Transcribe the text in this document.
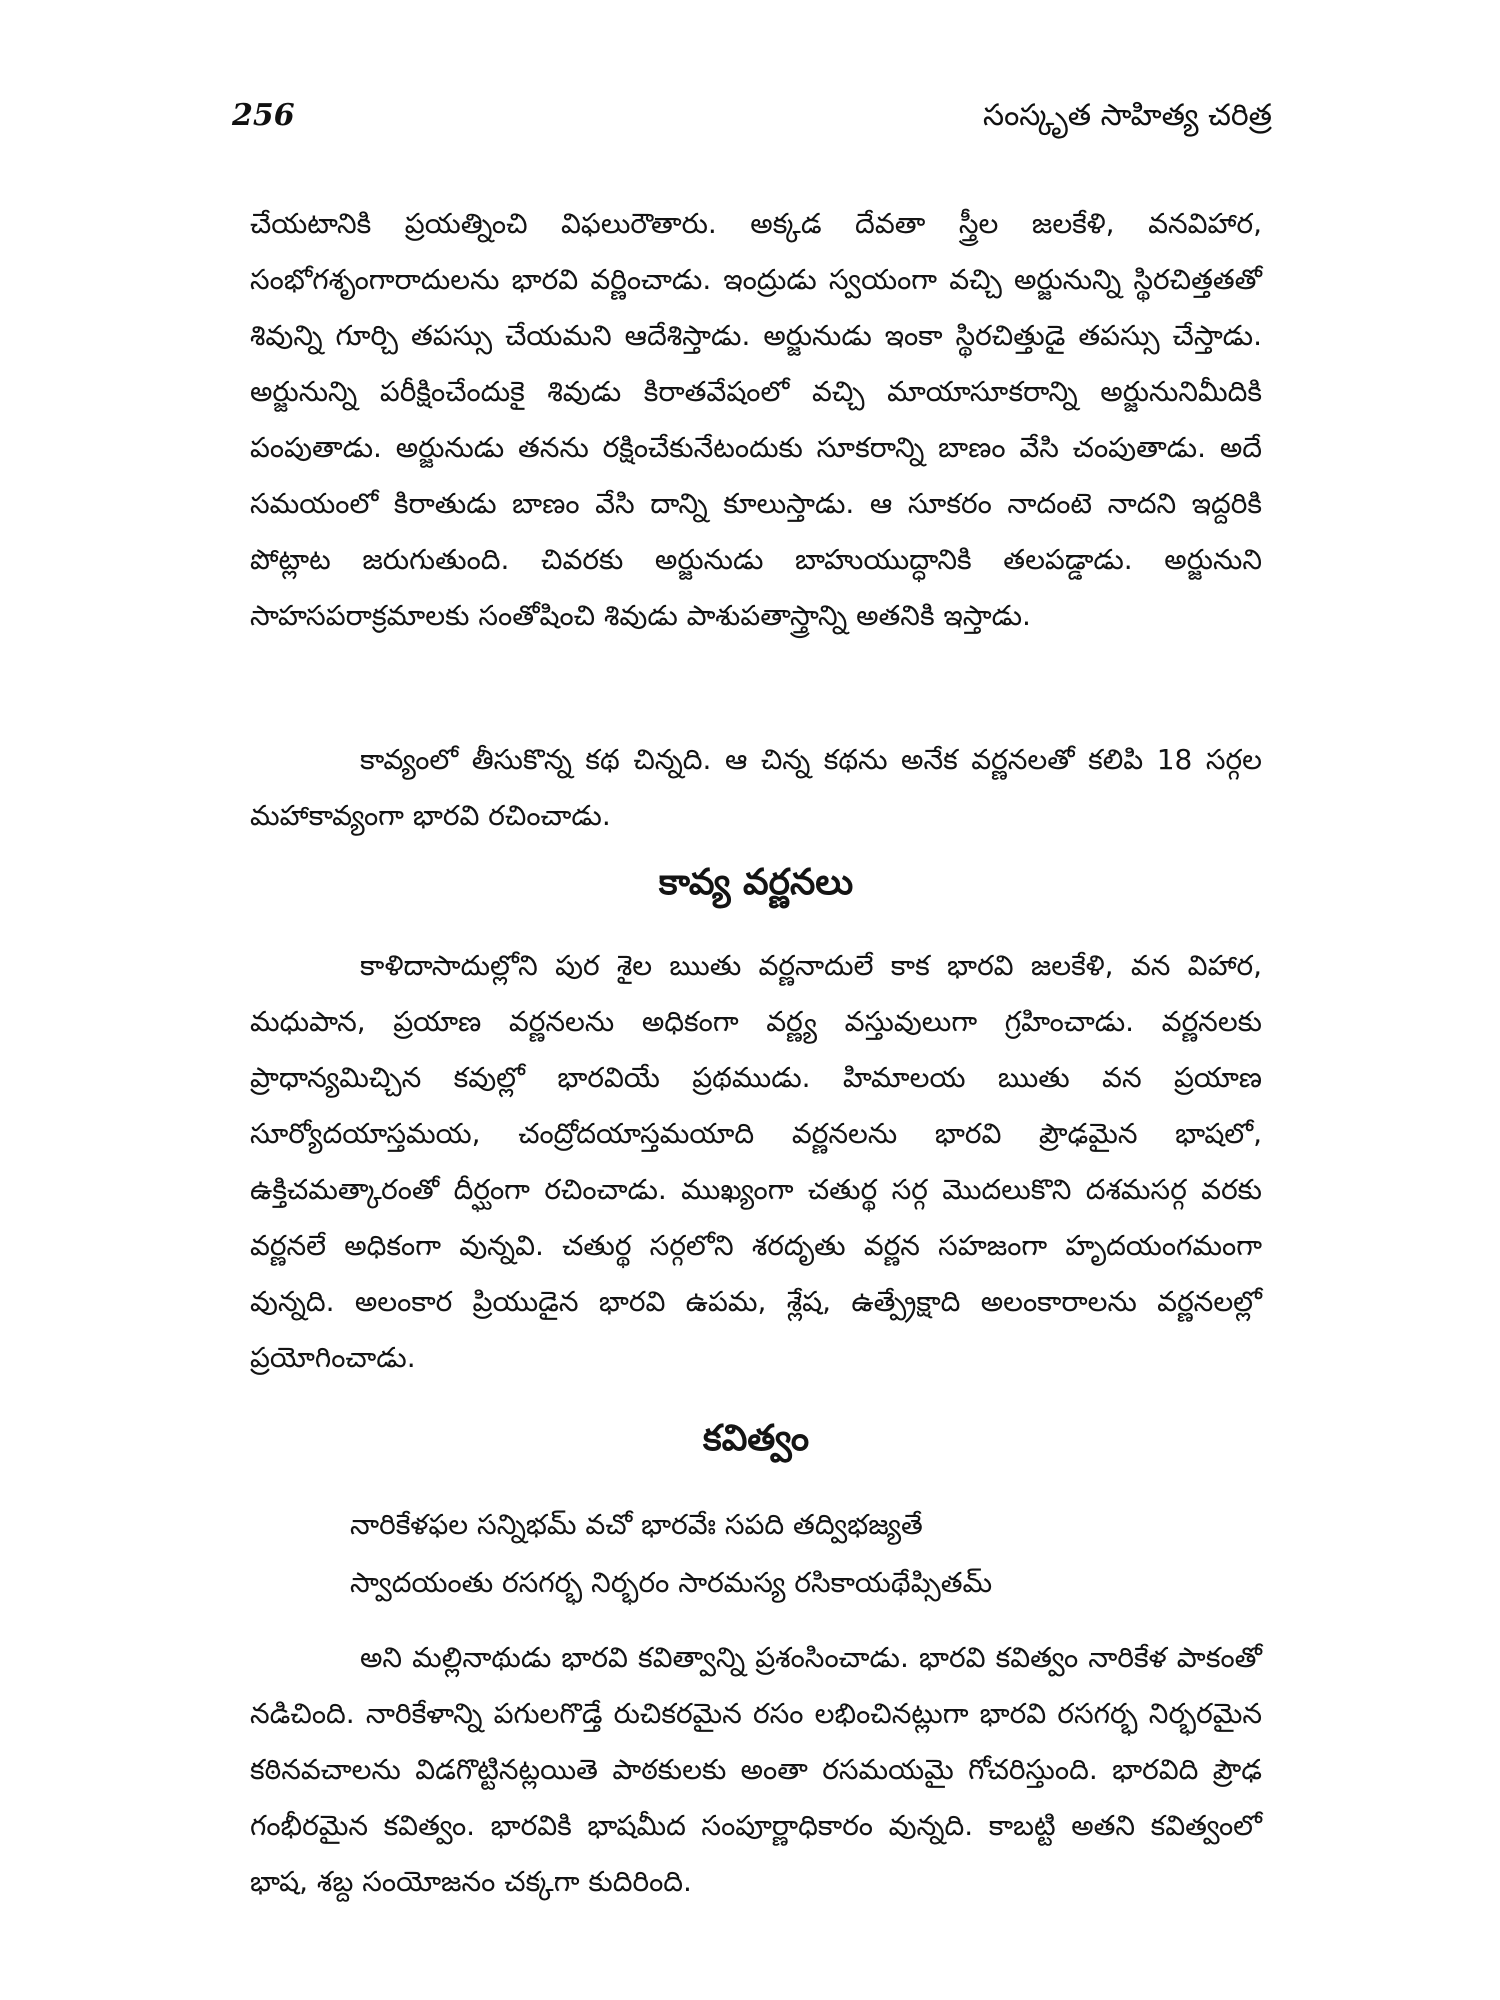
256	సంస్కృత సాహిత్య చరిత్ర

చేయటానికి ప్రయత్నించి విఫలురౌతారు. అక్కడ దేవతా స్త్రీల జలకేళి, వనవిహార, సంభోగశృంగారాదులను భారవి వర్ణించాడు. ఇంద్రుడు స్వయంగా వచ్చి అర్జునున్ని స్థిరచిత్తతతో శివున్ని గూర్చి తపస్సు చేయమని ఆదేశిస్తాడు. అర్జునుడు ఇంకా స్థిరచిత్తుడై తపస్సు చేస్తాడు. అర్జునున్ని పరీక్షించేందుకై శివుడు కిరాతవేషంలో వచ్చి మాయాసూకరాన్ని అర్జునునిమీదికి పంపుతాడు. అర్జునుడు తనను రక్షించేకునేటందుకు సూకరాన్ని బాణం వేసి చంపుతాడు. అదే సమయంలో కిరాతుడు బాణం వేసి దాన్ని కూలుస్తాడు. ఆ సూకరం నాదంటె నాదని ఇద్దరికి పోట్లాట జరుగుతుంది. చివరకు అర్జునుడు బాహుయుద్ధానికి తలపడ్డాడు. అర్జునుని సాహసపరాక్రమాలకు సంతోషించి శివుడు పాశుపతాస్త్రాన్ని అతనికి ఇస్తాడు.

కావ్యంలో తీసుకొన్న కథ చిన్నది. ఆ చిన్న కథను అనేక వర్ణనలతో కలిపి 18 సర్గల మహాకావ్యంగా భారవి రచించాడు.

కావ్య వర్ణనలు

కాళిదాసాదుల్లోని పుర శైల ఋతు వర్ణనాదులే కాక భారవి జలకేళి, వన విహార, మధుపాన, ప్రయాణ వర్ణనలను అధికంగా వర్ణ్య వస్తువులుగా గ్రహించాడు. వర్ణనలకు ప్రాధాన్యమిచ్చిన కవుల్లో భారవియే ప్రథముడు. హిమాలయ ఋతు వన ప్రయాణ సూర్యోదయాస్తమయ, చంద్రోదయాస్తమయాది వర్ణనలను భారవి ప్రౌఢమైన భాషలో, ఉక్తిచమత్కారంతో దీర్ఘంగా రచించాడు. ముఖ్యంగా చతుర్థ సర్గ మొదలుకొని దశమసర్గ వరకు వర్ణనలే అధికంగా వున్నవి. చతుర్థ సర్గలోని శరదృతు వర్ణన సహజంగా హృదయంగమంగా వున్నది. అలంకార ప్రియుడైన భారవి ఉపమ, శ్లేష, ఉత్ప్రేక్షాది అలంకారాలను వర్ణనలల్లో ప్రయోగించాడు.

కవిత్వం
నారికేళఫల సన్నిభమ్ వచో భారవేః సపది తద్విభజ్యతే
స్వాదయంతు రసగర్భ నిర్భరం సారమస్య రసికాయథేప్సితమ్

అని మల్లినాథుడు భారవి కవిత్వాన్ని ప్రశంసించాడు. భారవి కవిత్వం నారికేళ పాకంతో నడిచింది. నారికేళాన్ని పగులగొడ్తే రుచికరమైన రసం లభించినట్లుగా భారవి రసగర్భ నిర్భరమైన కఠినవచాలను విడగొట్టినట్లయితె పాఠకులకు అంతా రసమయమై గోచరిస్తుంది. భారవిది ప్రౌఢ గంభీరమైన కవిత్వం. భారవికి భాషమీద సంపూర్ణాధికారం వున్నది. కాబట్టి అతని కవిత్వంలో భాష, శబ్ద సంయోజనం చక్కగా కుదిరింది.
